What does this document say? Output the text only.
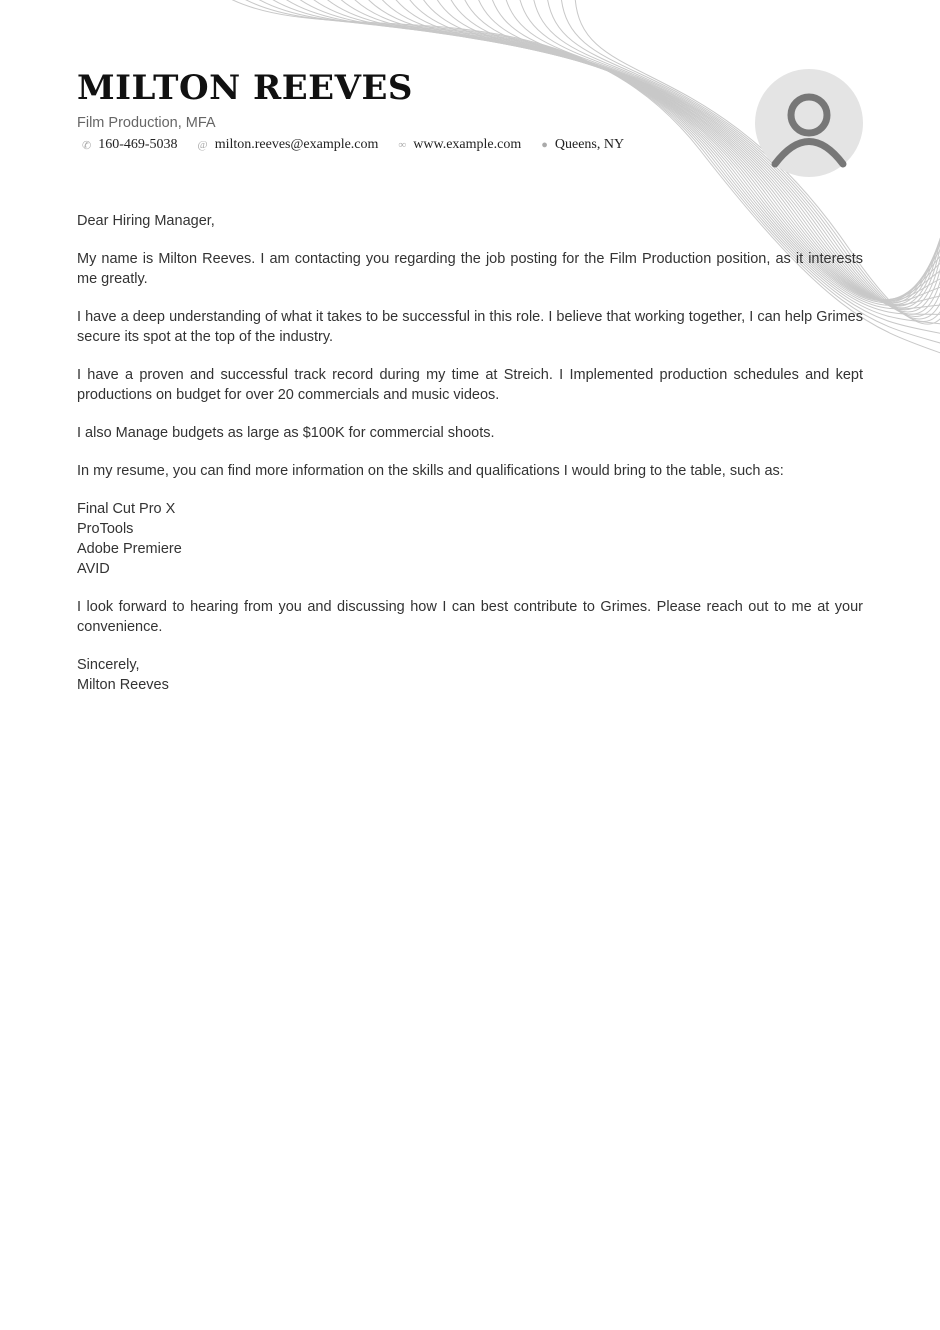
MILTON REEVES
Film Production, MFA
✆ 160-469-5038 @ milton.reeves@example.com ∞ www.example.com ● Queens, NY

Dear Hiring Manager,

My name is Milton Reeves. I am contacting you regarding the job posting for the Film Production position, as it interests me greatly.

I have a deep understanding of what it takes to be successful in this role. I believe that working together, I can help Grimes secure its spot at the top of the industry.

I have a proven and successful track record during my time at Streich. I Implemented production schedules and kept productions on budget for over 20 commercials and music videos.

I also Manage budgets as large as $100K for commercial shoots.

In my resume, you can find more information on the skills and qualifications I would bring to the table, such as:

Final Cut Pro X
ProTools
Adobe Premiere
AVID

I look forward to hearing from you and discussing how I can best contribute to Grimes. Please reach out to me at your convenience.

Sincerely,
Milton Reeves
